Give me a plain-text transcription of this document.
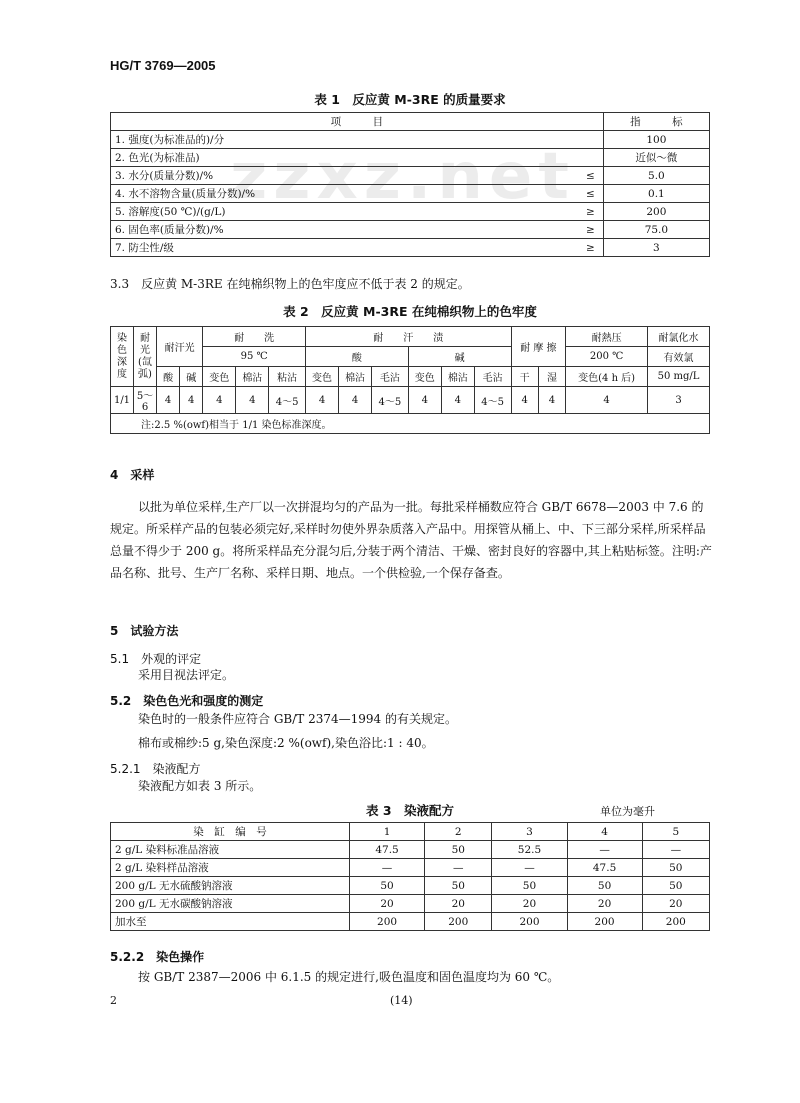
zzxz.net
HG/T 3769—2005
表 1　反应黄 M-3RE 的质量要求
项　　　目		指　　　标
1. 强度(为标准品的)/分		100
2. 色光(为标准品)		近似～微
3. 水分(质量分数)/%	≤	5.0
4. 水不溶物含量(质量分数)/%	≤	0.1
5. 溶解度(50 ℃)/(g/L)	≥	200
6. 固色率(质量分数)/%	≥	75.0
7. 防尘性/级	≥	3
3.3　反应黄 M-3RE 在纯棉织物上的色牢度应不低于表 2 的规定。
表 2　反应黄 M-3RE 在纯棉织物上的色牢度
染色深度	耐光(氙弧)	耐汗光		耐　　洗			耐　　汗　　渍						耐 摩 擦		耐熱压	耐氯化水
				95 ℃			酸			碱					200 ℃	有效氯
		酸	碱	变色	棉沾	粘沾	变色	棉沾	毛沾	变色	棉沾	毛沾	干	湿	变色(4 h 后)	50 mg/L
1/1	5～6	4	4	4	4	4～5	4	4	4～5	4	4	4～5	4	4	4	3
注:2.5 %(owf)相当于 1/1 染色标准深度。																
4　采样
以批为单位采样,生产厂以一次拼混均匀的产品为一批。每批采样桶数应符合 GB/T 6678—2003 中 7.6 的规定。所采样产品的包装必须完好,采样时勿使外界杂质落入产品中。用探管从桶上、中、下三部分采样,所采样品总量不得少于 200 g。将所采样品充分混匀后,分装于两个清洁、干燥、密封良好的容器中,其上粘贴标签。注明:产品名称、批号、生产厂名称、采样日期、地点。一个供检验,一个保存备查。
5　试验方法
5.1　外观的评定
采用目视法评定。
5.2　染色色光和强度的测定
染色时的一般条件应符合 GB/T 2374—1994 的有关规定。
棉布或棉纱:5 g,染色深度:2 %(owf),染色浴比:1 : 40。
5.2.1　染液配方
染液配方如表 3 所示。
表 3　染液配方	单位为毫升
染　缸　编　号	1	2	3	4	5
2 g/L 染料标准品溶液	47.5	50	52.5	—	—
2 g/L 染料样品溶液	—	—	—	47.5	50
200 g/L 无水硫酸钠溶液	50	50	50	50	50
200 g/L 无水碳酸钠溶液	20	20	20	20	20
加水至	200	200	200	200	200
5.2.2　染色操作
按 GB/T 2387—2006 中 6.1.5 的规定进行,吸色温度和固色温度均为 60 ℃。
2	(14)
